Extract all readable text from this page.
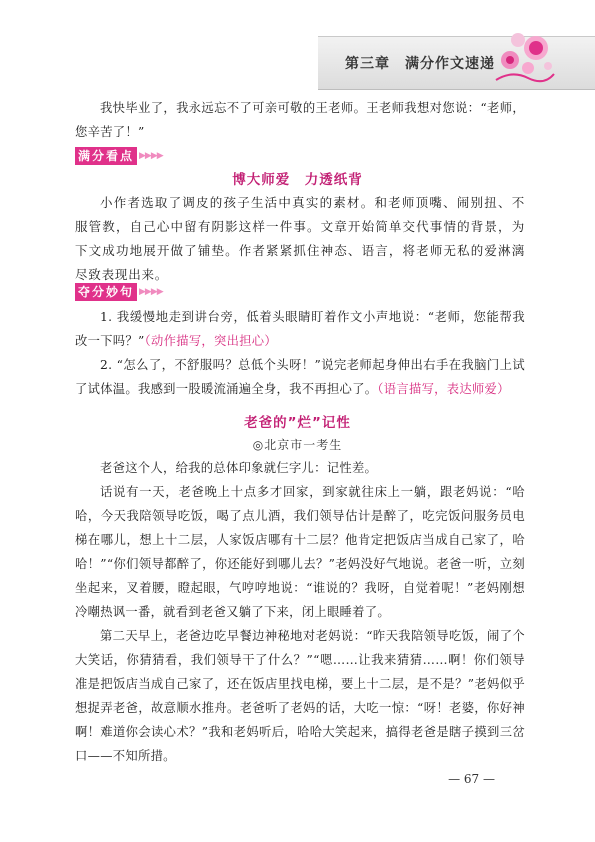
第三章　满分作文速递
我快毕业了，我永远忘不了可亲可敬的王老师。王老师我想对您说：“老师，您辛苦了！”
满分看点 ▶▶▶▶
博大师爱　力透纸背
小作者选取了调皮的孩子生活中真实的素材。和老师顶嘴、闹别扭、不服管教，自己心中留有阴影这样一件事。文章开始简单交代事情的背景，为下文成功地展开做了铺垫。作者紧紧抓住神态、语言，将老师无私的爱淋漓尽致表现出来。
夺分妙句 ▶▶▶▶
1. 我缓慢地走到讲台旁，低着头眼睛盯着作文小声地说：“老师，您能帮我改一下吗？”（动作描写，突出担心）
2. “怎么了，不舒服吗？总低个头呀！”说完老师起身伸出右手在我脑门上试了试体温。我感到一股暖流涌遍全身，我不再担心了。（语言描写，表达师爱）
老爸的”烂”记性
◎北京市一考生
老爸这个人，给我的总体印象就仨字儿：记性差。
话说有一天，老爸晚上十点多才回家，到家就往床上一躺，跟老妈说：“哈哈，今天我陪领导吃饭，喝了点儿酒，我们领导估计是醉了，吃完饭问服务员电梯在哪儿，想上十二层，人家饭店哪有十二层？他肯定把饭店当成自己家了，哈哈！”“你们领导都醉了，你还能好到哪儿去？”老妈没好气地说。老爸一听，立刻坐起来，叉着腰，瞪起眼，气哼哼地说：“谁说的？我呀，自觉着呢！”老妈刚想冷嘲热讽一番，就看到老爸又躺了下来，闭上眼睡着了。
第二天早上，老爸边吃早餐边神秘地对老妈说：“昨天我陪领导吃饭，闹了个大笑话，你猜猜看，我们领导干了什么？”“嗯……让我来猜猜……啊！你们领导准是把饭店当成自己家了，还在饭店里找电梯，要上十二层，是不是？”老妈似乎想捉弄老爸，故意顺水推舟。老爸听了老妈的话，大吃一惊：“呀！老婆，你好神啊！难道你会读心术？”我和老妈听后，哈哈大笑起来，搞得老爸是瞎子摸到三岔口——不知所措。
— 67 —
